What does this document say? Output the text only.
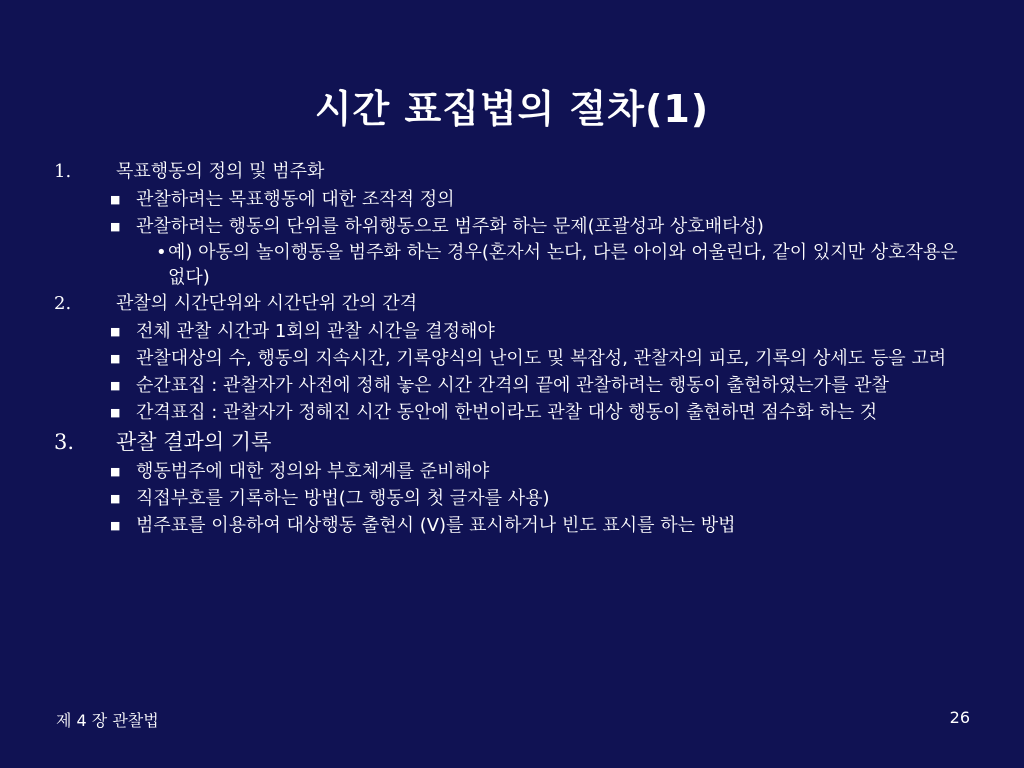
시간 표집법의 절차(1)
1.	목표행동의 정의 및 범주화
■ 관찰하려는 목표행동에 대한 조작적 정의
■ 관찰하려는 행동의 단위를 하위행동으로 범주화 하는 문제(포괄성과 상호배타성)
• 예) 아동의 놀이행동을 범주화 하는 경우(혼자서 논다, 다른 아이와 어울린다, 같이 있지만 상호작용은 없다)
2.	관찰의 시간단위와 시간단위 간의 간격
■ 전체 관찰 시간과 1회의 관찰 시간을 결정해야
■ 관찰대상의 수, 행동의 지속시간, 기록양식의 난이도 및 복잡성, 관찰자의 피로, 기록의 상세도 등을 고려
■ 순간표집 : 관찰자가 사전에 정해 놓은 시간 간격의 끝에 관찰하려는 행동이 출현하였는가를 관찰
■ 간격표집 : 관찰자가 정해진 시간 동안에 한번이라도 관찰 대상 행동이 출현하면 점수화 하는 것
3.	관찰 결과의 기록
■ 행동범주에 대한 정의와 부호체계를 준비해야
■ 직접부호를 기록하는 방법(그 행동의 첫 글자를 사용)
■ 범주표를 이용하여 대상행동 출현시 (V)를 표시하거나 빈도 표시를 하는 방법
제 4 장 관찰법	26
